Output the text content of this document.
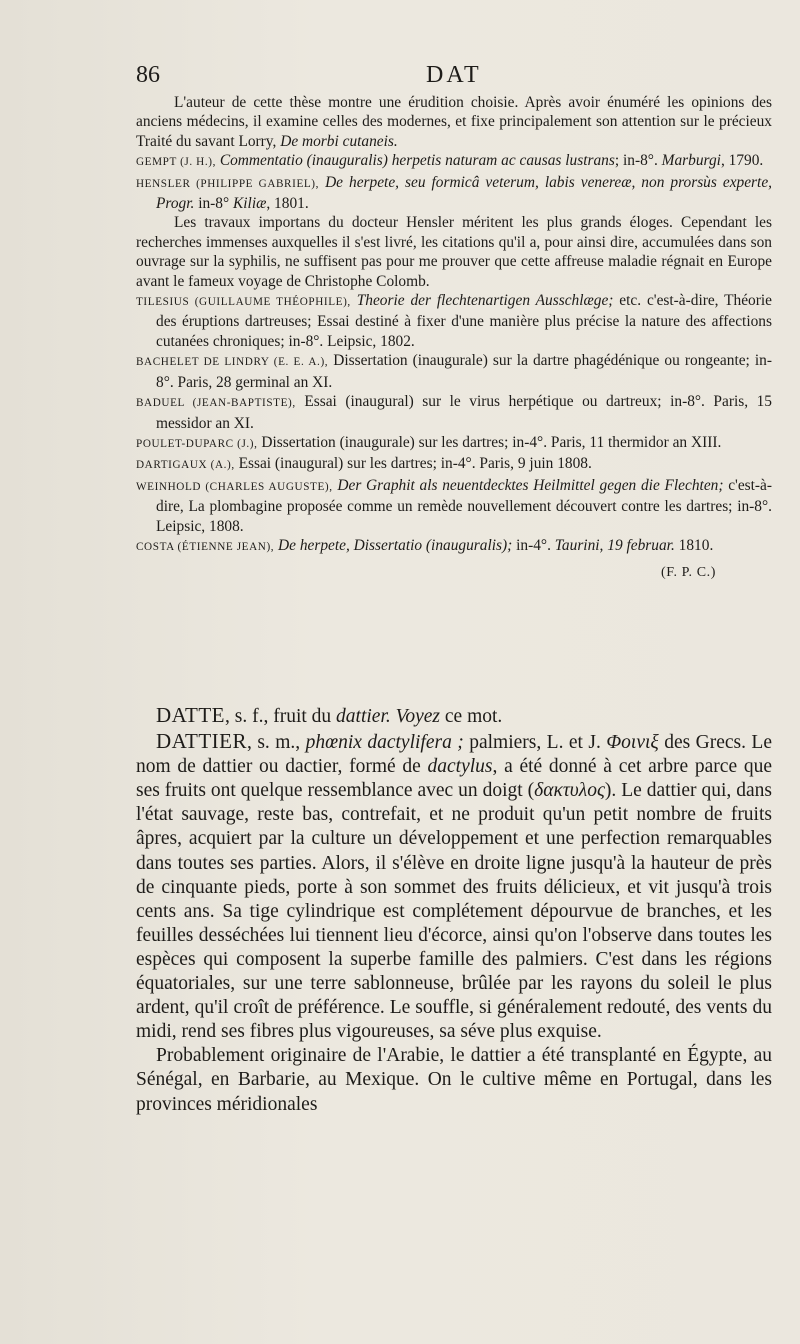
86	DAT

L'auteur de cette thèse montre une érudition choisie. Après avoir énuméré les opinions des anciens médecins, il examine celles des modernes, et fixe principalement son attention sur le précieux Traité du savant Lorry, De morbi cutaneis.

GEMPT (J. H.), Commentatio (inauguralis) herpetis naturam ac causas lustrans; in-8°. Marburgi, 1790.

HENSLER (PHILIPPE GABRIEL), De herpete, seu formicâ veterum, labis venereæ, non prorsùs experte, Progr. in-8° Kiliæ, 1801.

Les travaux importans du docteur Hensler méritent les plus grands éloges. Cependant les recherches immenses auxquelles il s'est livré, les citations qu'il a, pour ainsi dire, accumulées dans son ouvrage sur la syphilis, ne suffisent pas pour me prouver que cette affreuse maladie régnait en Europe avant le fameux voyage de Christophe Colomb.

TILESIUS (GUILLAUME THÉOPHILE), Theorie der flechtenartigen Ausschlæge; etc. c'est-à-dire, Théorie des éruptions dartreuses; Essai destiné à fixer d'une manière plus précise la nature des affections cutanées chroniques; in-8°. Leipsic, 1802.

BACHELET DE LINDRY (E. E. A.), Dissertation (inaugurale) sur la dartre phagédénique ou rongeante; in-8°. Paris, 28 germinal an XI.

BADUEL (JEAN-BAPTISTE), Essai (inaugural) sur le virus herpétique ou dartreux; in-8°. Paris, 15 messidor an XI.

POULET-DUPARC (J.), Dissertation (inaugurale) sur les dartres; in-4°. Paris, 11 thermidor an XIII.

DARTIGAUX (A.), Essai (inaugural) sur les dartres; in-4°. Paris, 9 juin 1808.

WEINHOLD (CHARLES AUGUSTE), Der Graphit als neuentdecktes Heilmittel gegen die Flechten; c'est-à-dire, La plombagine proposée comme un remède nouvellement découvert contre les dartres; in-8°. Leipsic, 1808.

COSTA (ÉTIENNE JEAN), De herpete, Dissertatio (inauguralis); in-4°. Taurini, 19 februar. 1810.

(F. P. C.)

DATTE, s. f., fruit du dattier. Voyez ce mot.

DATTIER, s. m., phœnix dactylifera ; palmiers, L. et J. Φοινιξ des Grecs. Le nom de dattier ou dactier, formé de dactylus, a été donné à cet arbre parce que ses fruits ont quelque ressemblance avec un doigt (δακτυλος). Le dattier qui, dans l'état sauvage, reste bas, contrefait, et ne produit qu'un petit nombre de fruits âpres, acquiert par la culture un développement et une perfection remarquables dans toutes ses parties. Alors, il s'élève en droite ligne jusqu'à la hauteur de près de cinquante pieds, porte à son sommet des fruits délicieux, et vit jusqu'à trois cents ans. Sa tige cylindrique est complétement dépourvue de branches, et les feuilles desséchées lui tiennent lieu d'écorce, ainsi qu'on l'observe dans toutes les espèces qui composent la superbe famille des palmiers. C'est dans les régions équatoriales, sur une terre sablonneuse, brûlée par les rayons du soleil le plus ardent, qu'il croît de préférence. Le souffle, si généralement redouté, des vents du midi, rend ses fibres plus vigoureuses, sa séve plus exquise.

Probablement originaire de l'Arabie, le dattier a été transplanté en Égypte, au Sénégal, en Barbarie, au Mexique. On le cultive même en Portugal, dans les provinces méridionales
